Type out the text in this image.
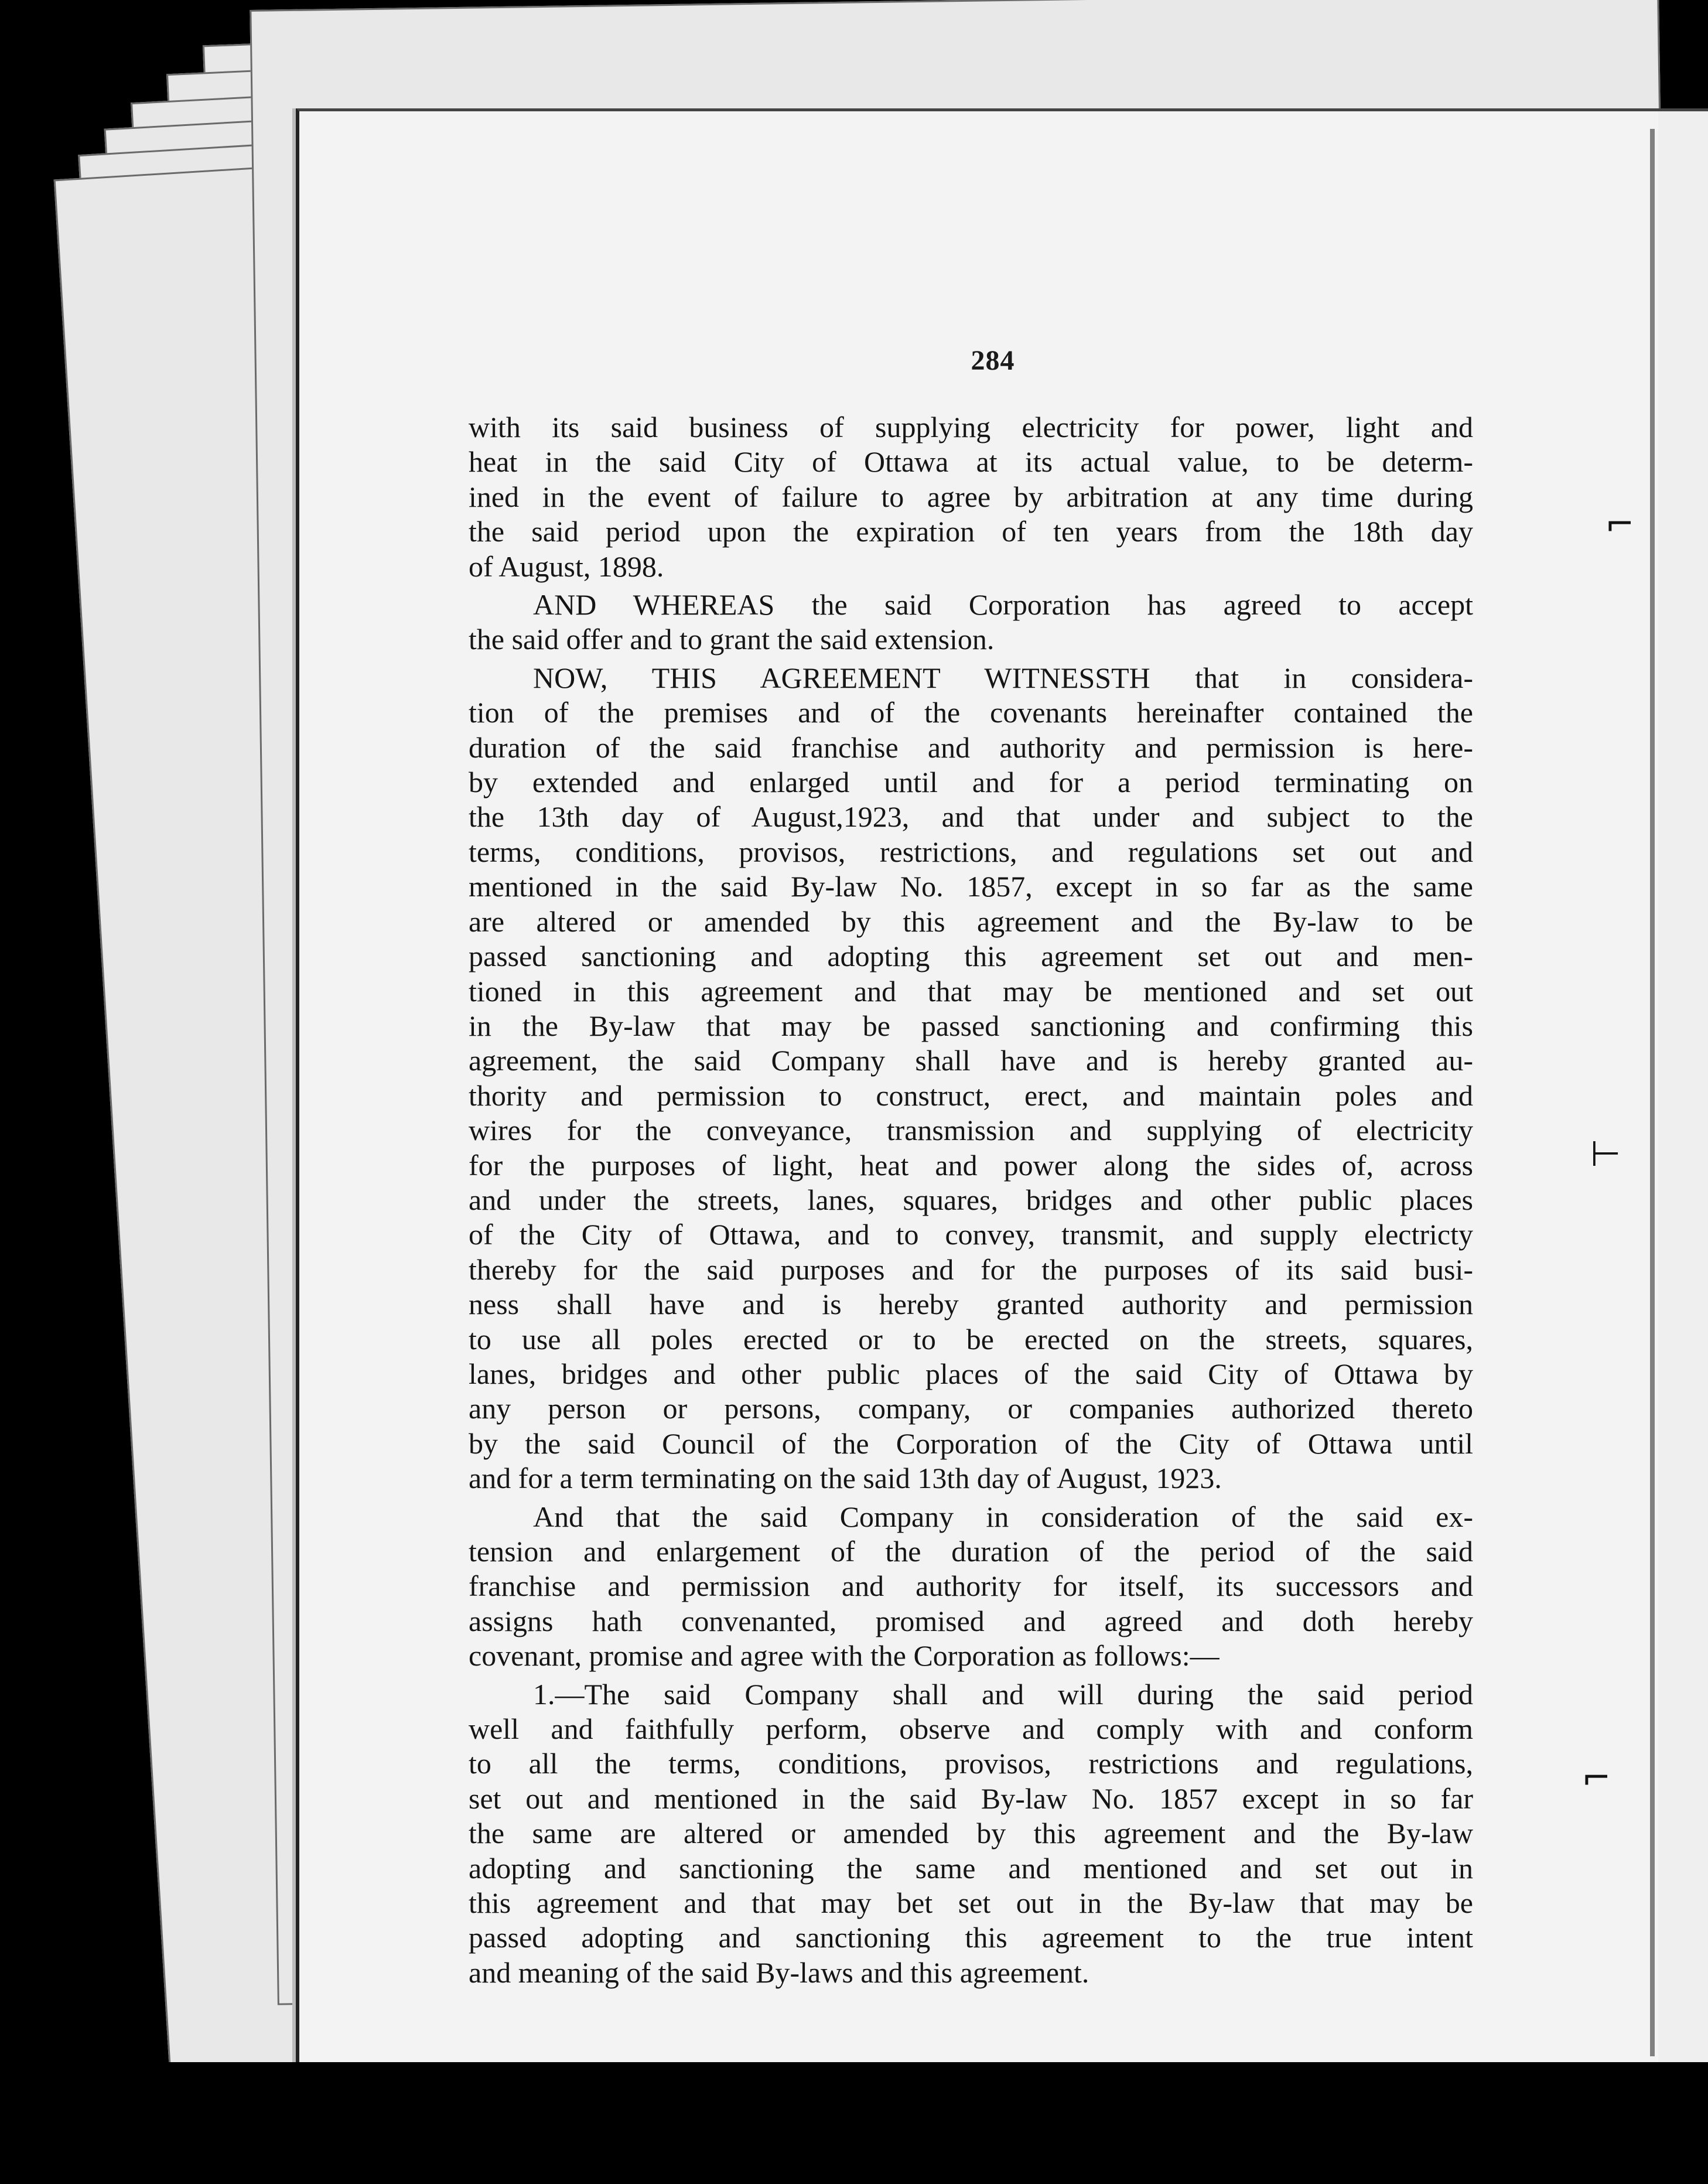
⌐
⊢
⌐
284
with its said business of supplying electricity for power, light and
heat in the said City of Ottawa at its actual value, to be determ-
ined in the event of failure to agree by arbitration at any time during
the said period upon the expiration of ten years from the 18th day
of August, 1898.
AND WHEREAS the said Corporation has agreed to accept
the said offer and to grant the said extension.
NOW, THIS AGREEMENT WITNESSTH that in considera-
tion of the premises and of the covenants hereinafter contained the
duration of the said franchise and authority and permission is here-
by extended and enlarged until and for a period terminating on
the 13th day of August,1923, and that under and subject to the
terms, conditions, provisos, restrictions, and regulations set out and
mentioned in the said By-law No. 1857, except in so far as the same
are altered or amended by this agreement and the By-law to be
passed sanctioning and adopting this agreement set out and men-
tioned in this agreement and that may be mentioned and set out
in the By-law that may be passed sanctioning and confirming this
agreement, the said Company shall have and is hereby granted au-
thority and permission to construct, erect, and maintain poles and
wires for the conveyance, transmission and supplying of electricity
for the purposes of light, heat and power along the sides of, across
and under the streets, lanes, squares, bridges and other public places
of the City of Ottawa, and to convey, transmit, and supply electricty
thereby for the said purposes and for the purposes of its said busi-
ness shall have and is hereby granted authority and permission
to use all poles erected or to be erected on the streets, squares,
lanes, bridges and other public places of the said City of Ottawa by
any person or persons, company, or companies authorized thereto
by the said Council of the Corporation of the City of Ottawa until
and for a term terminating on the said 13th day of August, 1923.
And that the said Company in consideration of the said ex-
tension and enlargement of the duration of the period of the said
franchise and permission and authority for itself, its successors and
assigns hath convenanted, promised and agreed and doth hereby
covenant, promise and agree with the Corporation as follows:—
1.—The said Company shall and will during the said period
well and faithfully perform, observe and comply with and conform
to all the terms, conditions, provisos, restrictions and regulations,
set out and mentioned in the said By-law No. 1857 except in so far
the same are altered or amended by this agreement and the By-law
adopting and sanctioning the same and mentioned and set out in
this agreement and that may bet set out in the By-law that may be
passed adopting and sanctioning this agreement to the true intent
and meaning of the said By-laws and this agreement.
